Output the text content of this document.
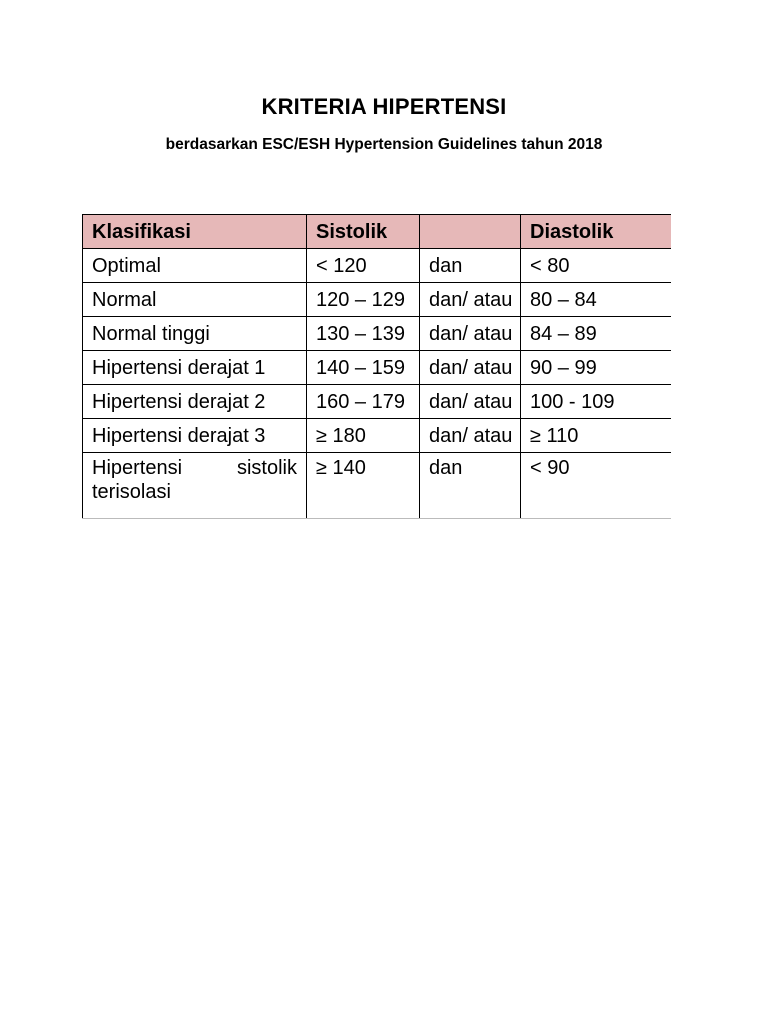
KRITERIA HIPERTENSI
berdasarkan ESC/ESH Hypertension Guidelines tahun 2018
Klasifikasi	Sistolik		Diastolik
Optimal	< 120	dan	< 80
Normal	120 – 129	dan/ atau	80 – 84
Normal tinggi	130 – 139	dan/ atau	84 – 89
Hipertensi derajat 1	140 – 159	dan/ atau	90 – 99
Hipertensi derajat 2	160 – 179	dan/ atau	100 - 109
Hipertensi derajat 3	≥ 180	dan/ atau	≥ 110

Hipertensi sistolik
terisolasi	≥ 140	dan	< 90
